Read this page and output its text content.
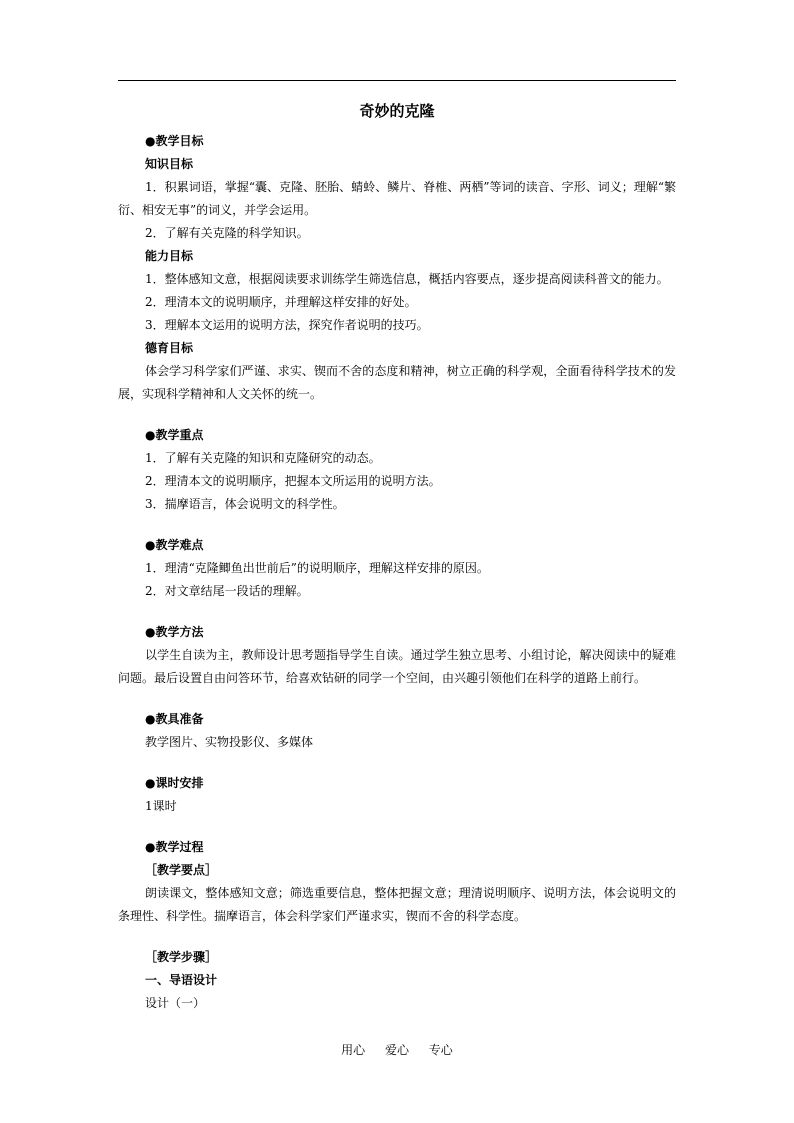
奇妙的克隆
●教学目标
知识目标
1．积累词语，掌握“囊、克隆、胚胎、蜻蛉、鳞片、脊椎、两栖”等词的读音、字形、词义；理解“繁衍、相安无事”的词义，并学会运用。
2．了解有关克隆的科学知识。
能力目标
1．整体感知文意，根据阅读要求训练学生筛选信息，概括内容要点，逐步提高阅读科普文的能力。
2．理清本文的说明顺序，并理解这样安排的好处。
3．理解本文运用的说明方法，探究作者说明的技巧。
德育目标
体会学习科学家们严谨、求实、锲而不舍的态度和精神，树立正确的科学观，全面看待科学技术的发展，实现科学精神和人文关怀的统一。
●教学重点
1．了解有关克隆的知识和克隆研究的动态。
2．理清本文的说明顺序，把握本文所运用的说明方法。
3．揣摩语言，体会说明文的科学性。
●教学难点
1．理清“克隆鲫鱼出世前后”的说明顺序，理解这样安排的原因。
2．对文章结尾一段话的理解。
●教学方法
以学生自读为主，教师设计思考题指导学生自读。通过学生独立思考、小组讨论，解决阅读中的疑难问题。最后设置自由问答环节，给喜欢钻研的同学一个空间，由兴趣引领他们在科学的道路上前行。
●教具准备
教学图片、实物投影仪、多媒体
●课时安排
1课时
●教学过程
［教学要点］
朗读课文，整体感知文意；筛选重要信息，整体把握文意；理清说明顺序、说明方法，体会说明文的条理性、科学性。揣摩语言，体会科学家们严谨求实，锲而不舍的科学态度。
［教学步骤］
一、导语设计
设计（一）
用心 爱心 专心
